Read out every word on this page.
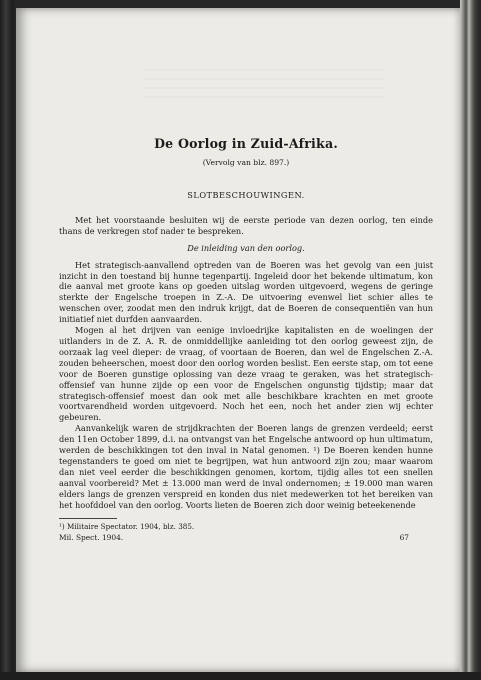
De Oorlog in Zuid-Afrika.
(Vervolg van blz. 897.)
SLOTBESCHOUWINGEN.

Met het voorstaande besluiten wij de eerste periode van dezen oorlog, ten einde thans de verkregen stof nader te bespreken.

De inleiding van den oorlog.

Het strategisch-aanvallend optreden van de Boeren was het gevolg van een juist inzicht in den toestand bij hunne tegenpartij. Ingeleid door het bekende ultimatum, kon die aanval met groote kans op goeden uitslag worden uitgevoerd, wegens de geringe sterkte der Engelsche troepen in Z.-A. De uitvoering evenwel liet schier alles te wenschen over, zoodat men den indruk krijgt, dat de Boeren de consequentiën van hun initiatief niet durfden aanvaarden.

Mogen al het drijven van eenige invloedrijke kapitalisten en de woelingen der uitlanders in de Z. A. R. de onmiddellijke aanleiding tot den oorlog geweest zijn, de oorzaak lag veel dieper: de vraag, of voortaan de Boeren, dan wel de Engelschen Z.-A. zouden beheerschen, moest door den oorlog worden beslist. Een eerste stap, om tot eene voor de Boeren gunstige oplossing van deze vraag te geraken, was het strategisch-offensief van hunne zijde op een voor de Engelschen ongunstig tijdstip; maar dat strategisch-offensief moest dan ook met alle beschikbare krachten en met groote voortvarendheid worden uitgevoerd. Noch het een, noch het ander zien wij echter gebeuren.

Aanvankelijk waren de strijdkrachten der Boeren langs de grenzen verdeeld; eerst den 11en October 1899, d.i. na ontvangst van het Engelsche antwoord op hun ultimatum, werden de beschikkingen tot den inval in Natal genomen. ¹) De Boeren kenden hunne tegenstanders te goed om niet te begrijpen, wat hun antwoord zijn zou; maar waarom dan niet veel eerder die beschikkingen genomen, kortom, tijdig alles tot een snellen aanval voorbereid? Met ± 13.000 man werd de inval ondernomen; ± 19.000 man waren elders langs de grenzen verspreid en konden dus niet medewerken tot het bereiken van het hoofddoel van den oorlog. Voorts lieten de Boeren zich door weinig beteekenende

¹) Militaire Spectator. 1904, blz. 385.
Mil. Spect. 1904.	67
